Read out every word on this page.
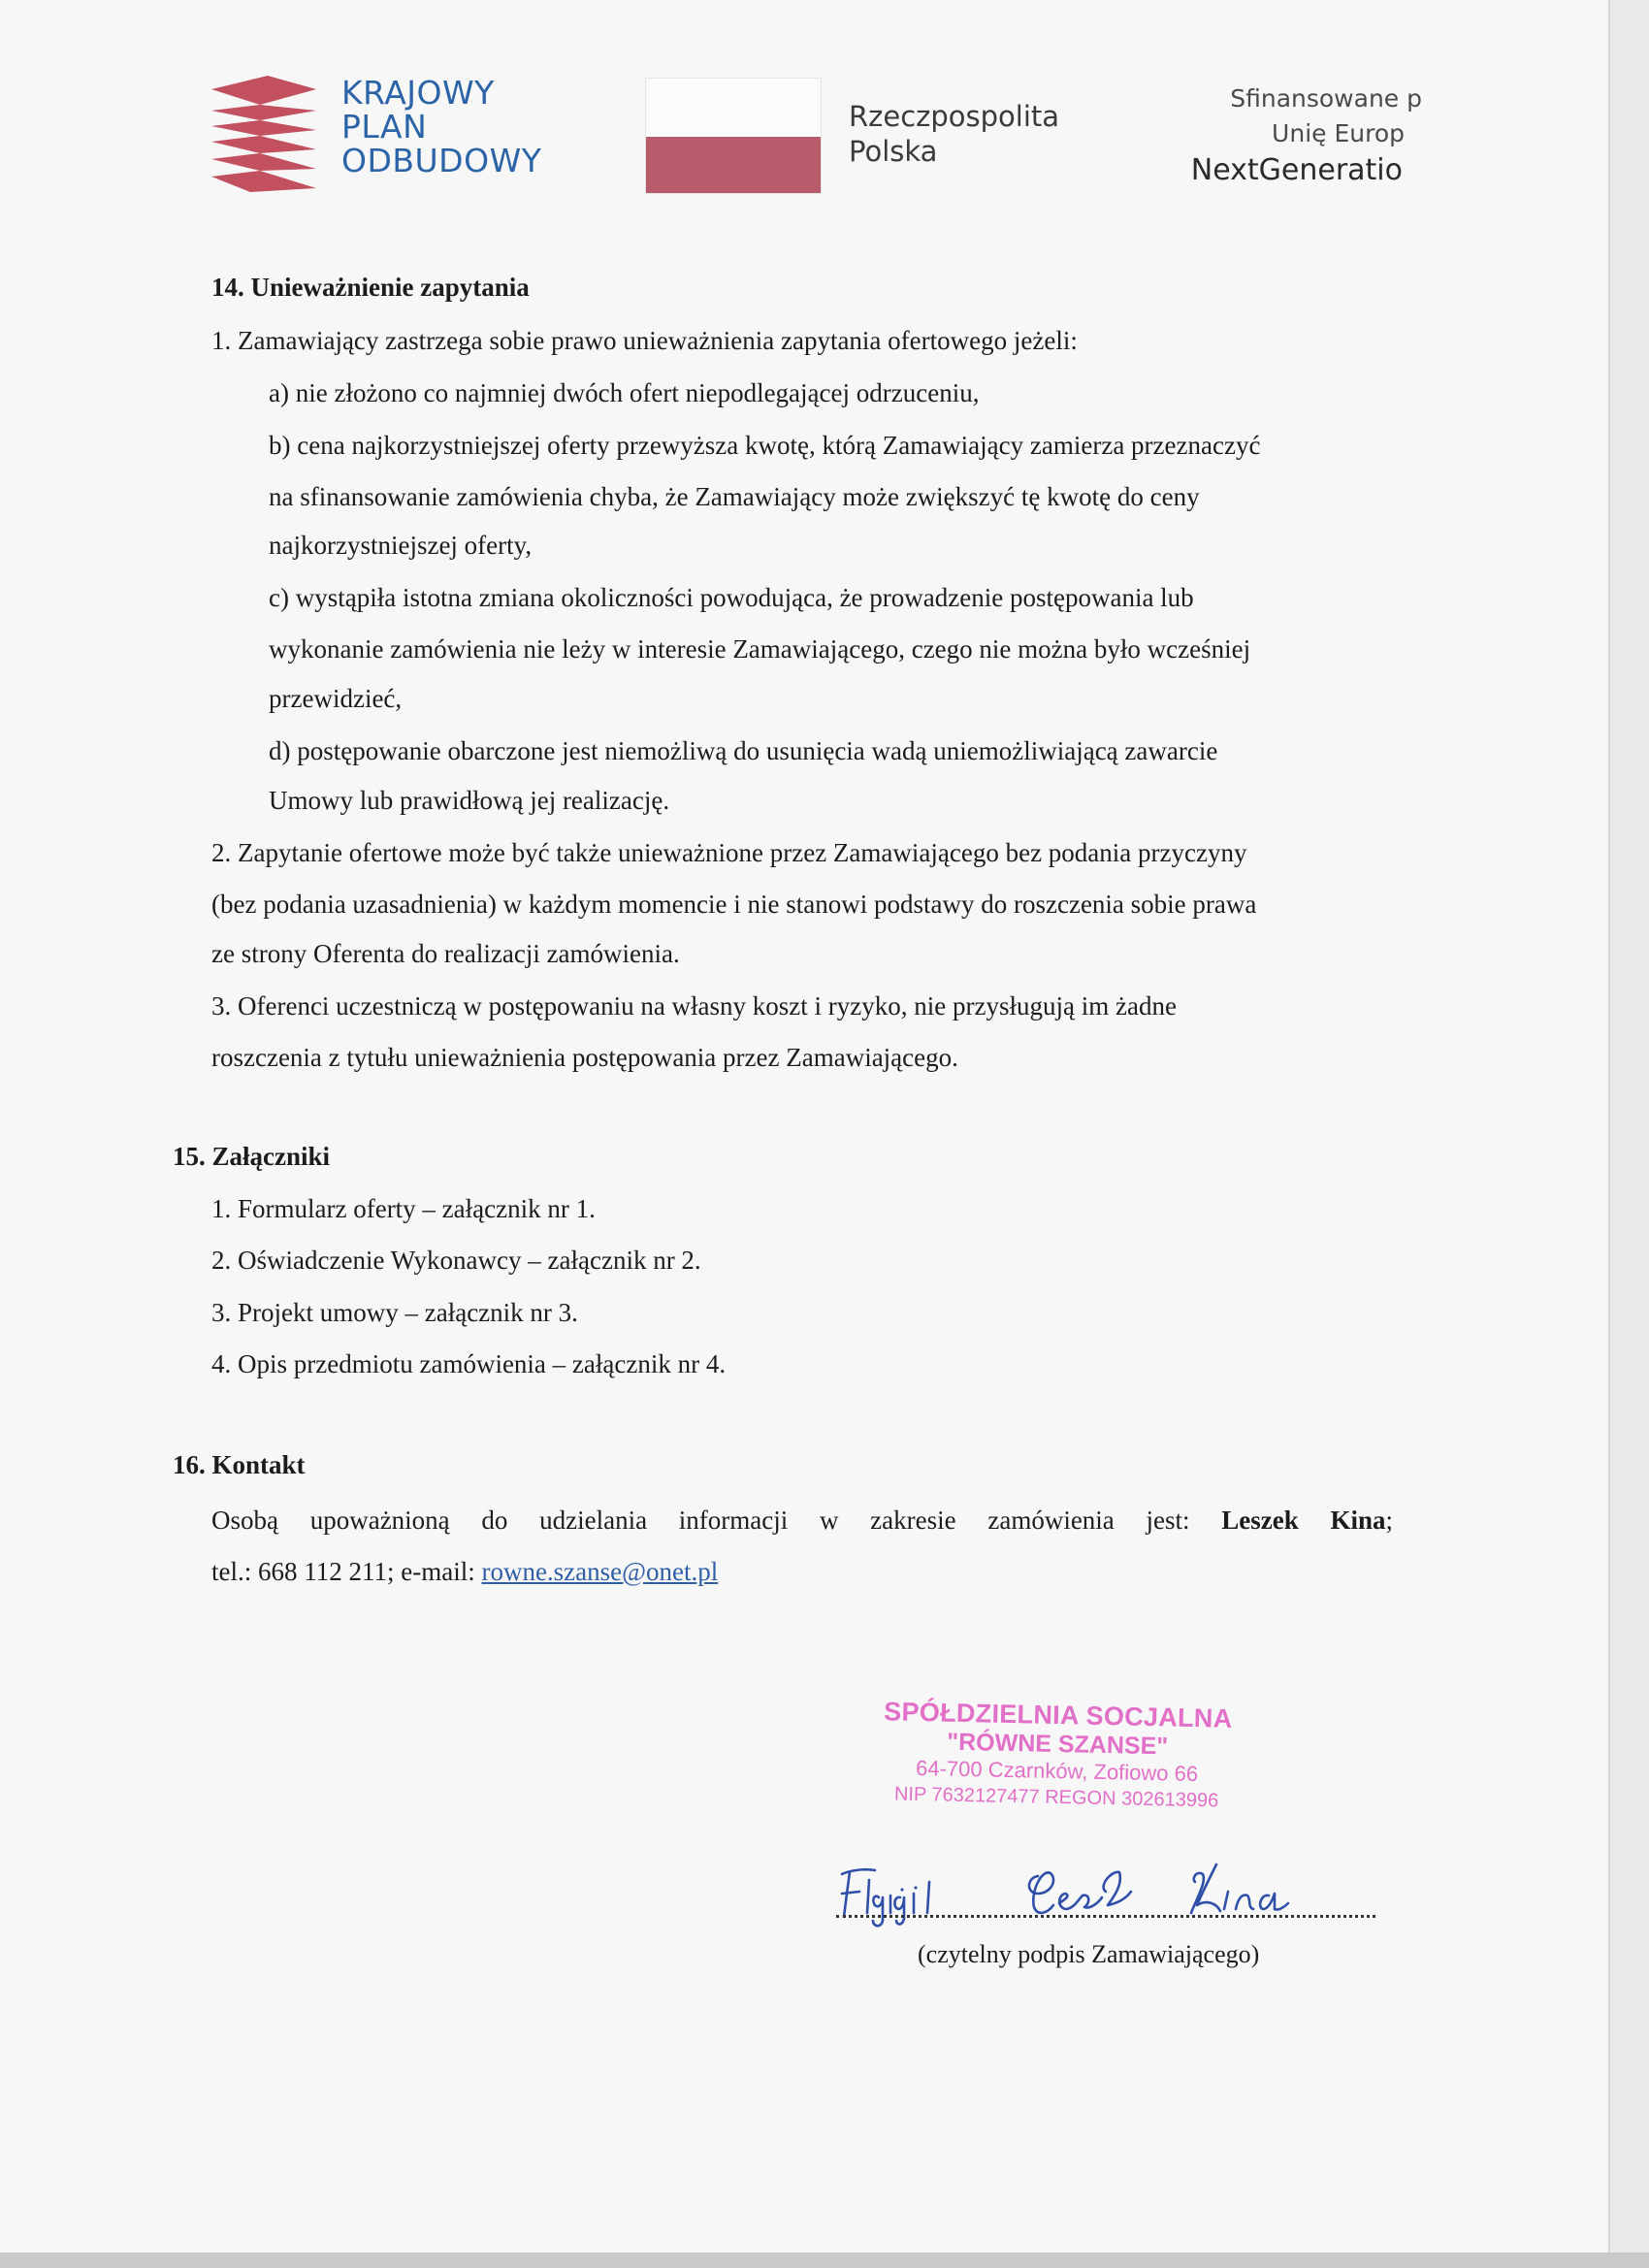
KRAJOWY
PLAN
ODBUDOWY
Rzeczpospolita
Polska
Sfinansowane p
Unię Europ
NextGeneratio
14. Unieważnienie zapytania
1. Zamawiający zastrzega sobie prawo unieważnienia zapytania ofertowego jeżeli:
a) nie złożono co najmniej dwóch ofert niepodlegającej odrzuceniu,
b) cena najkorzystniejszej oferty przewyższa kwotę, którą Zamawiający zamierza przeznaczyć
na sfinansowanie zamówienia chyba, że Zamawiający może zwiększyć tę kwotę do ceny
najkorzystniejszej oferty,
c) wystąpiła istotna zmiana okoliczności powodująca, że prowadzenie postępowania lub
wykonanie zamówienia nie leży w interesie Zamawiającego, czego nie można było wcześniej
przewidzieć,
d) postępowanie obarczone jest niemożliwą do usunięcia wadą uniemożliwiającą zawarcie
Umowy lub prawidłową jej realizację.
2. Zapytanie ofertowe może być także unieważnione przez Zamawiającego bez podania przyczyny
(bez podania uzasadnienia) w każdym momencie i nie stanowi podstawy do roszczenia sobie prawa
ze strony Oferenta do realizacji zamówienia.
3. Oferenci uczestniczą w postępowaniu na własny koszt i ryzyko, nie przysługują im żadne
roszczenia z tytułu unieważnienia postępowania przez Zamawiającego.
15. Załączniki
1. Formularz oferty – załącznik nr 1.
2. Oświadczenie Wykonawcy – załącznik nr 2.
3. Projekt umowy – załącznik nr 3.
4. Opis przedmiotu zamówienia – załącznik nr 4.
16. Kontakt
Osobą upoważnioną do udzielania informacji w zakresie zamówienia jest: Leszek Kina;
tel.: 668 112 211; e-mail: rowne.szanse@onet.pl
SPÓŁDZIELNIA SOCJALNA
"RÓWNE SZANSE"
64-700 Czarnków, Zofiowo 66
NIP 7632127477 REGON 302613996
(czytelny podpis Zamawiającego)
